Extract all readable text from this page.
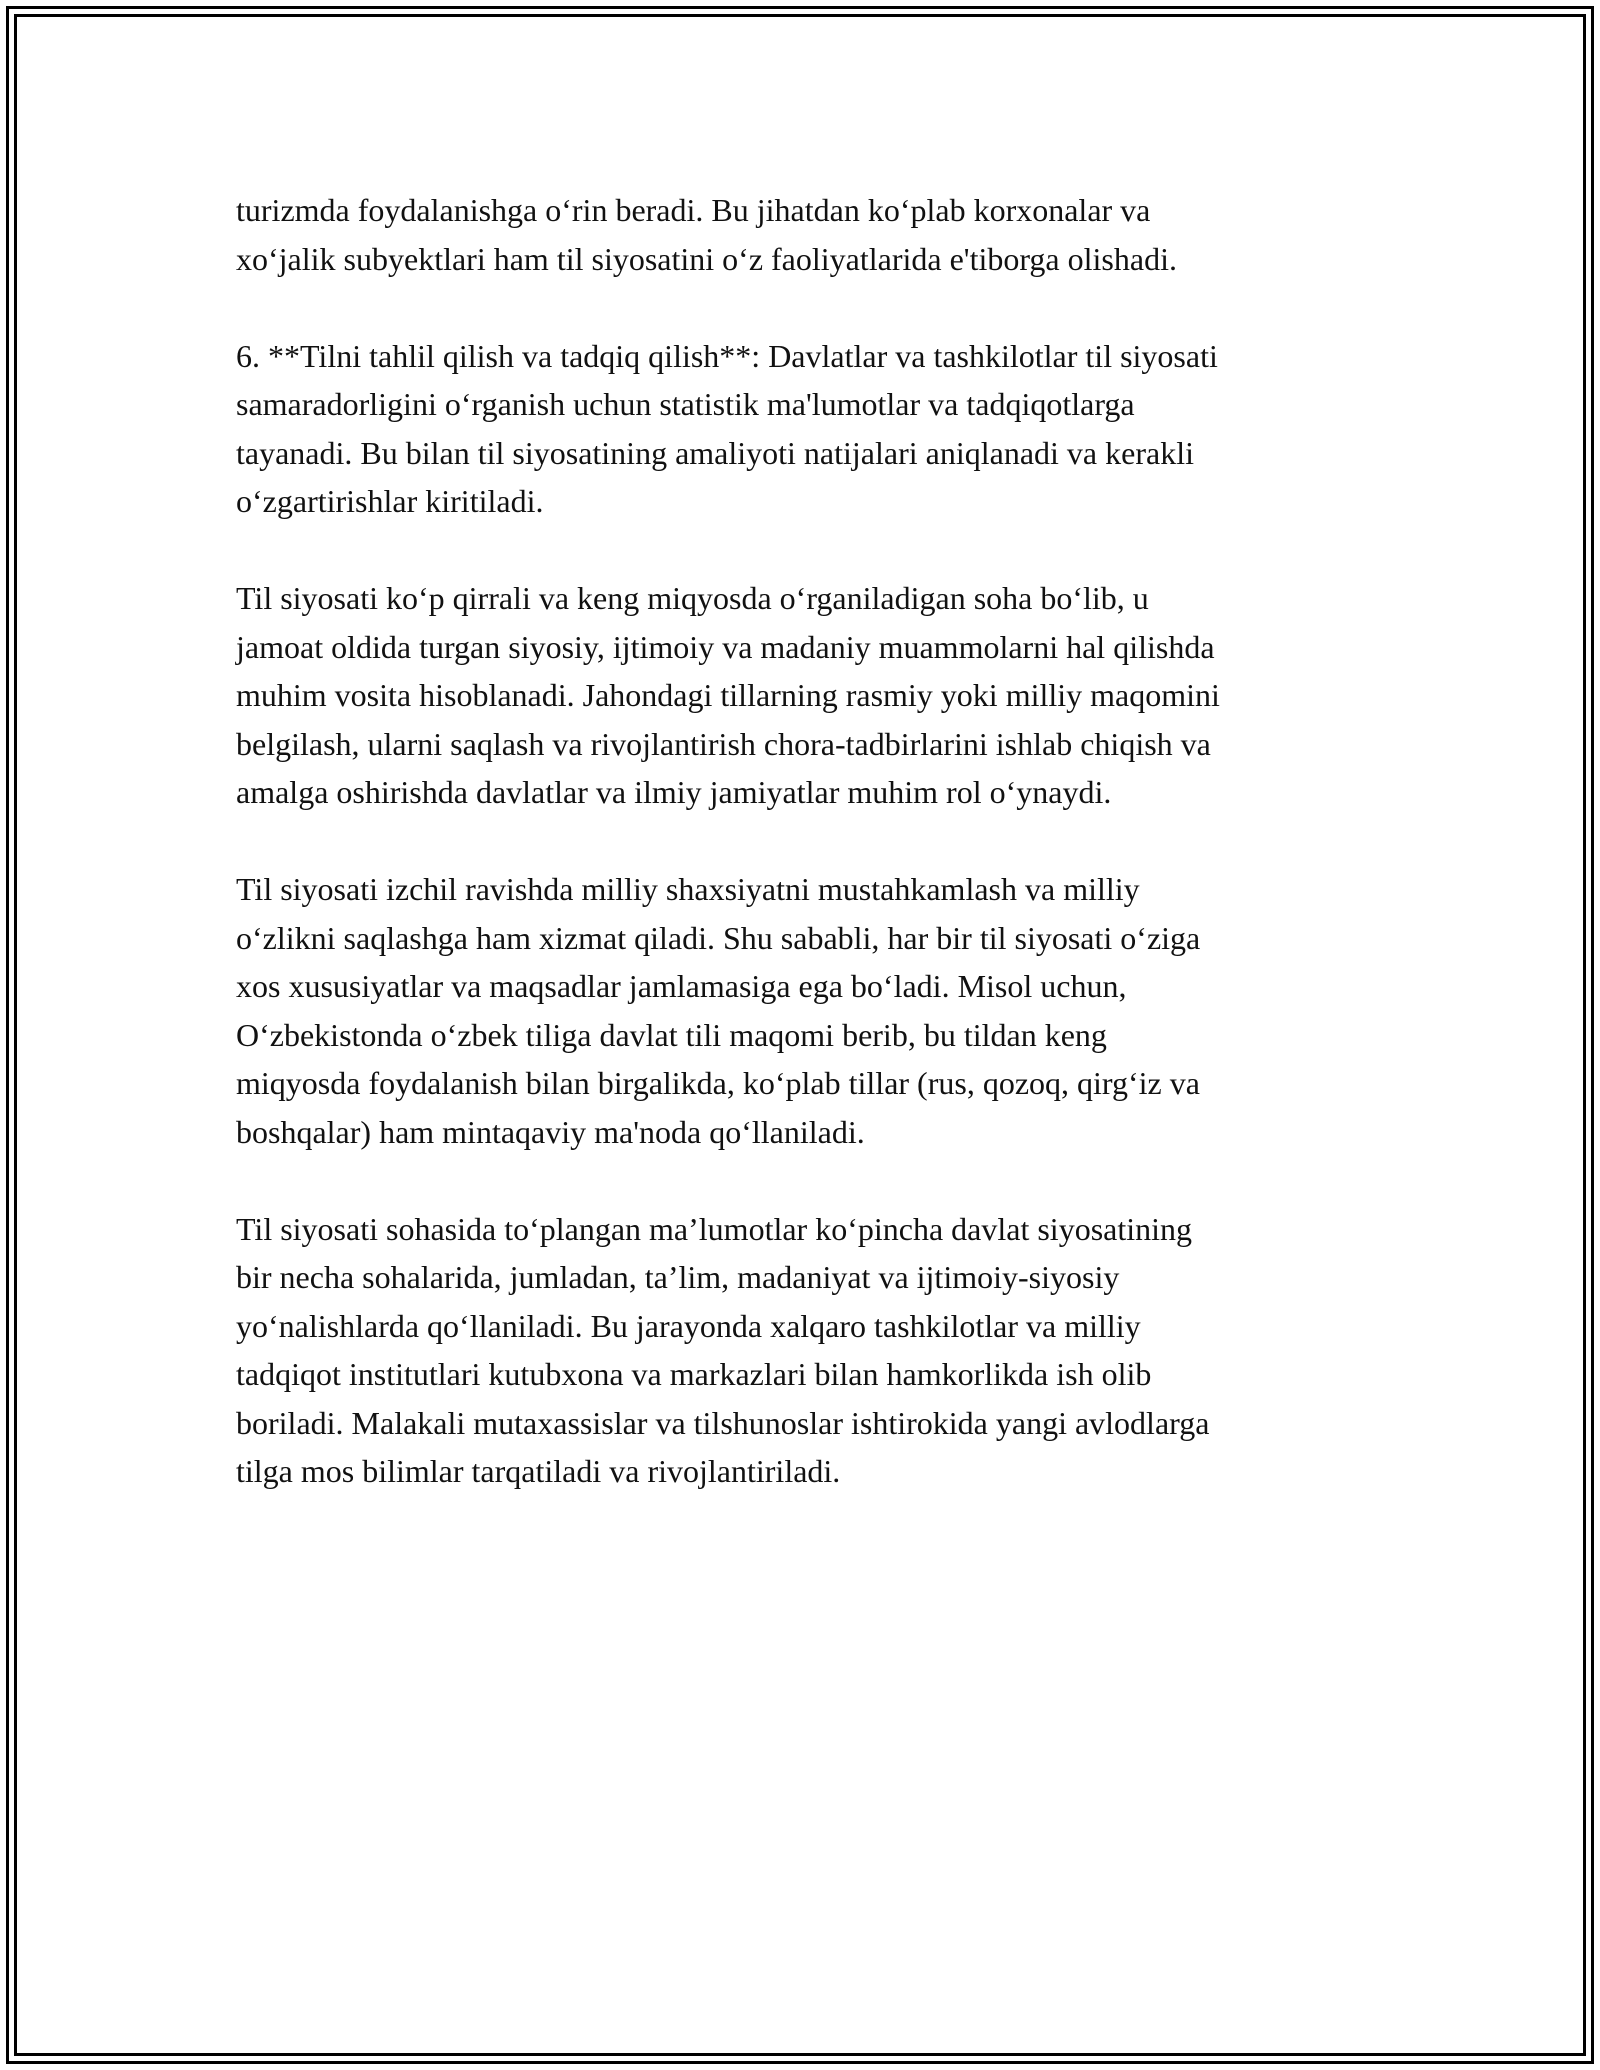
turizmda foydalanishga o‘rin beradi. Bu jihatdan ko‘plab korxonalar va
xo‘jalik subyektlari ham til siyosatini o‘z faoliyatlarida e'tiborga olishadi.

6. **Tilni tahlil qilish va tadqiq qilish**: Davlatlar va tashkilotlar til siyosati
samaradorligini o‘rganish uchun statistik ma'lumotlar va tadqiqotlarga
tayanadi. Bu bilan til siyosatining amaliyoti natijalari aniqlanadi va kerakli
o‘zgartirishlar kiritiladi.

Til siyosati ko‘p qirrali va keng miqyosda o‘rganiladigan soha bo‘lib, u
jamoat oldida turgan siyosiy, ijtimoiy va madaniy muammolarni hal qilishda
muhim vosita hisoblanadi. Jahondagi tillarning rasmiy yoki milliy maqomini
belgilash, ularni saqlash va rivojlantirish chora-tadbirlarini ishlab chiqish va
amalga oshirishda davlatlar va ilmiy jamiyatlar muhim rol o‘ynaydi.

Til siyosati izchil ravishda milliy shaxsiyatni mustahkamlash va milliy
o‘zlikni saqlashga ham xizmat qiladi. Shu sababli, har bir til siyosati o‘ziga
xos xususiyatlar va maqsadlar jamlamasiga ega bo‘ladi. Misol uchun,
O‘zbekistonda o‘zbek tiliga davlat tili maqomi berib, bu tildan keng
miqyosda foydalanish bilan birgalikda, ko‘plab tillar (rus, qozoq, qirg‘iz va
boshqalar) ham mintaqaviy ma'noda qo‘llaniladi.

Til siyosati sohasida to‘plangan ma’lumotlar ko‘pincha davlat siyosatining
bir necha sohalarida, jumladan, ta’lim, madaniyat va ijtimoiy-siyosiy
yo‘nalishlarda qo‘llaniladi. Bu jarayonda xalqaro tashkilotlar va milliy
tadqiqot institutlari kutubxona va markazlari bilan hamkorlikda ish olib
boriladi. Malakali mutaxassislar va tilshunoslar ishtirokida yangi avlodlarga
tilga mos bilimlar tarqatiladi va rivojlantiriladi.
